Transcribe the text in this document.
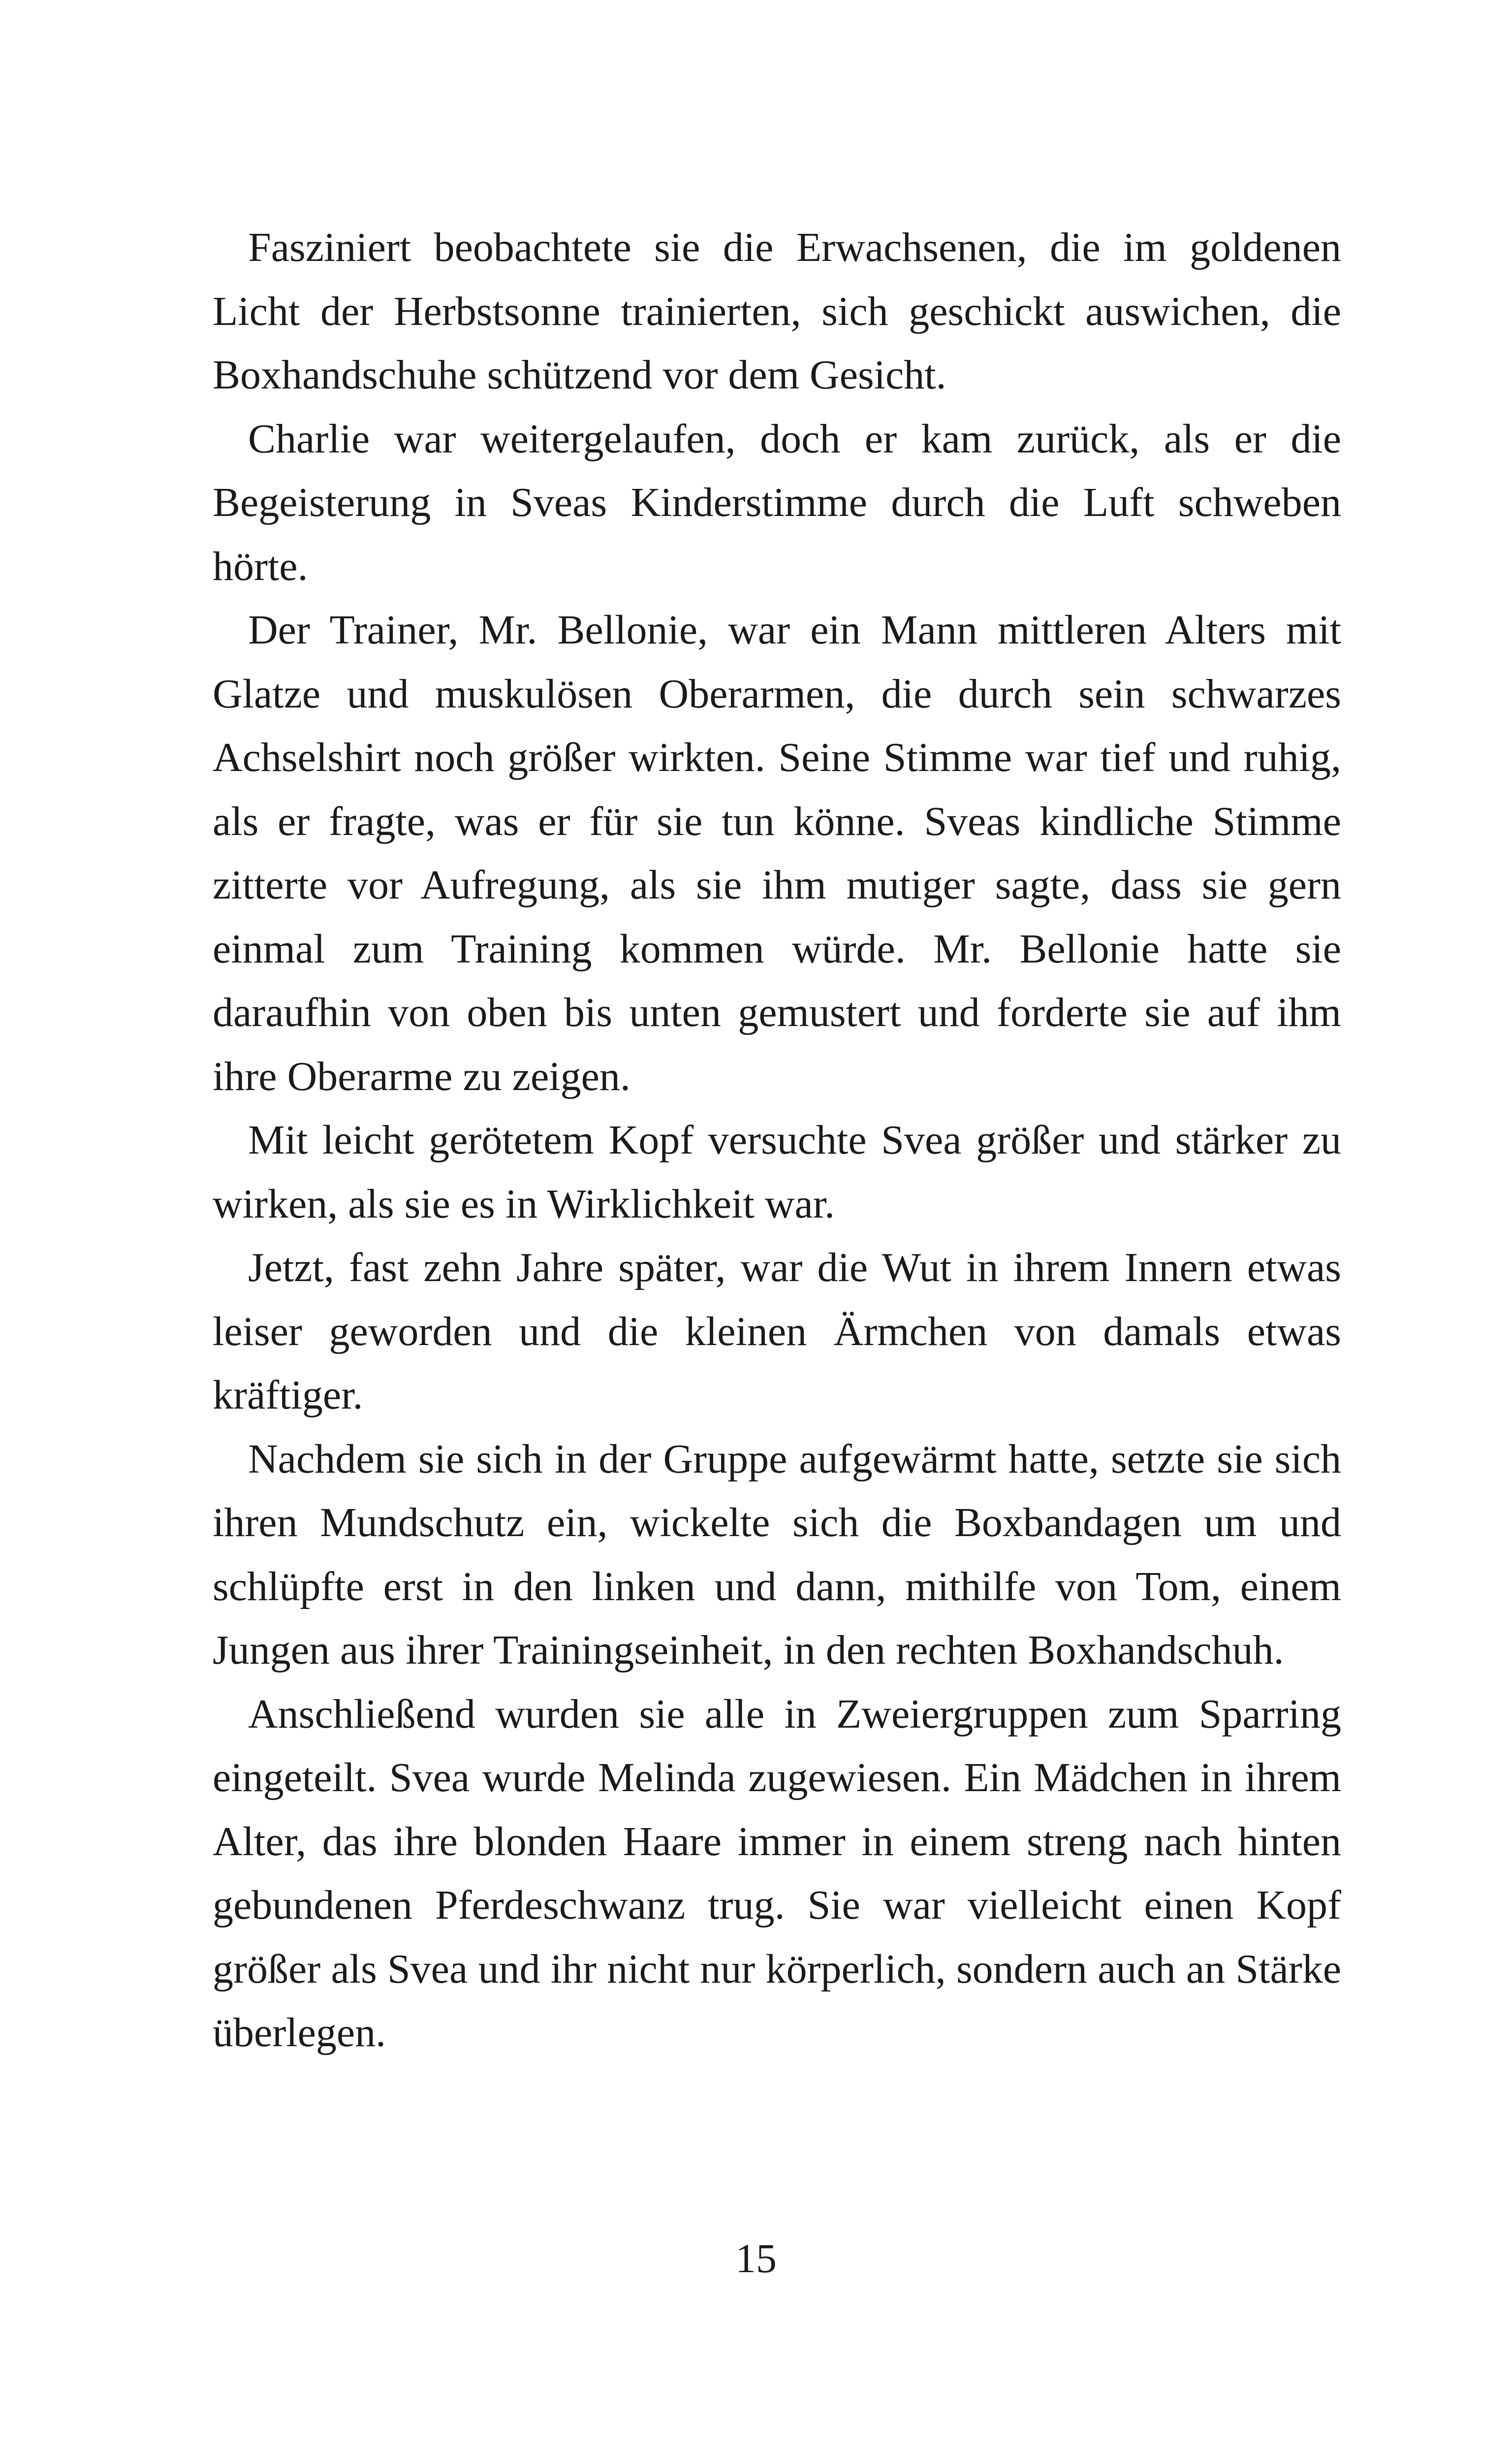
Fasziniert beobachtete sie die Erwachsenen, die im goldenen Licht der Herbstsonne trainierten, sich geschickt auswichen, die Boxhandschuhe schützend vor dem Gesicht.

Charlie war weitergelaufen, doch er kam zurück, als er die Begeisterung in Sveas Kinderstimme durch die Luft schweben hörte.

Der Trainer, Mr. Bellonie, war ein Mann mittleren Alters mit Glatze und muskulösen Oberarmen, die durch sein schwarzes Achselshirt noch größer wirkten. Seine Stimme war tief und ruhig, als er fragte, was er für sie tun könne. Sveas kindliche Stimme zitterte vor Aufregung, als sie ihm mutiger sagte, dass sie gern einmal zum Training kommen würde. Mr. Bellonie hatte sie daraufhin von oben bis unten gemustert und forderte sie auf ihm ihre Oberarme zu zeigen.

Mit leicht gerötetem Kopf versuchte Svea größer und stärker zu wirken, als sie es in Wirklichkeit war.

Jetzt, fast zehn Jahre später, war die Wut in ihrem Innern etwas leiser geworden und die kleinen Ärmchen von damals etwas kräftiger.

Nachdem sie sich in der Gruppe aufgewärmt hatte, setzte sie sich ihren Mundschutz ein, wickelte sich die Boxbandagen um und schlüpfte erst in den linken und dann, mithilfe von Tom, einem Jungen aus ihrer Trainingseinheit, in den rechten Boxhandschuh.

Anschließend wurden sie alle in Zweiergruppen zum Sparring eingeteilt. Svea wurde Melinda zugewiesen. Ein Mädchen in ihrem Alter, das ihre blonden Haare immer in einem streng nach hinten gebundenen Pferdeschwanz trug. Sie war vielleicht einen Kopf größer als Svea und ihr nicht nur körperlich, sondern auch an Stärke überlegen.

15
